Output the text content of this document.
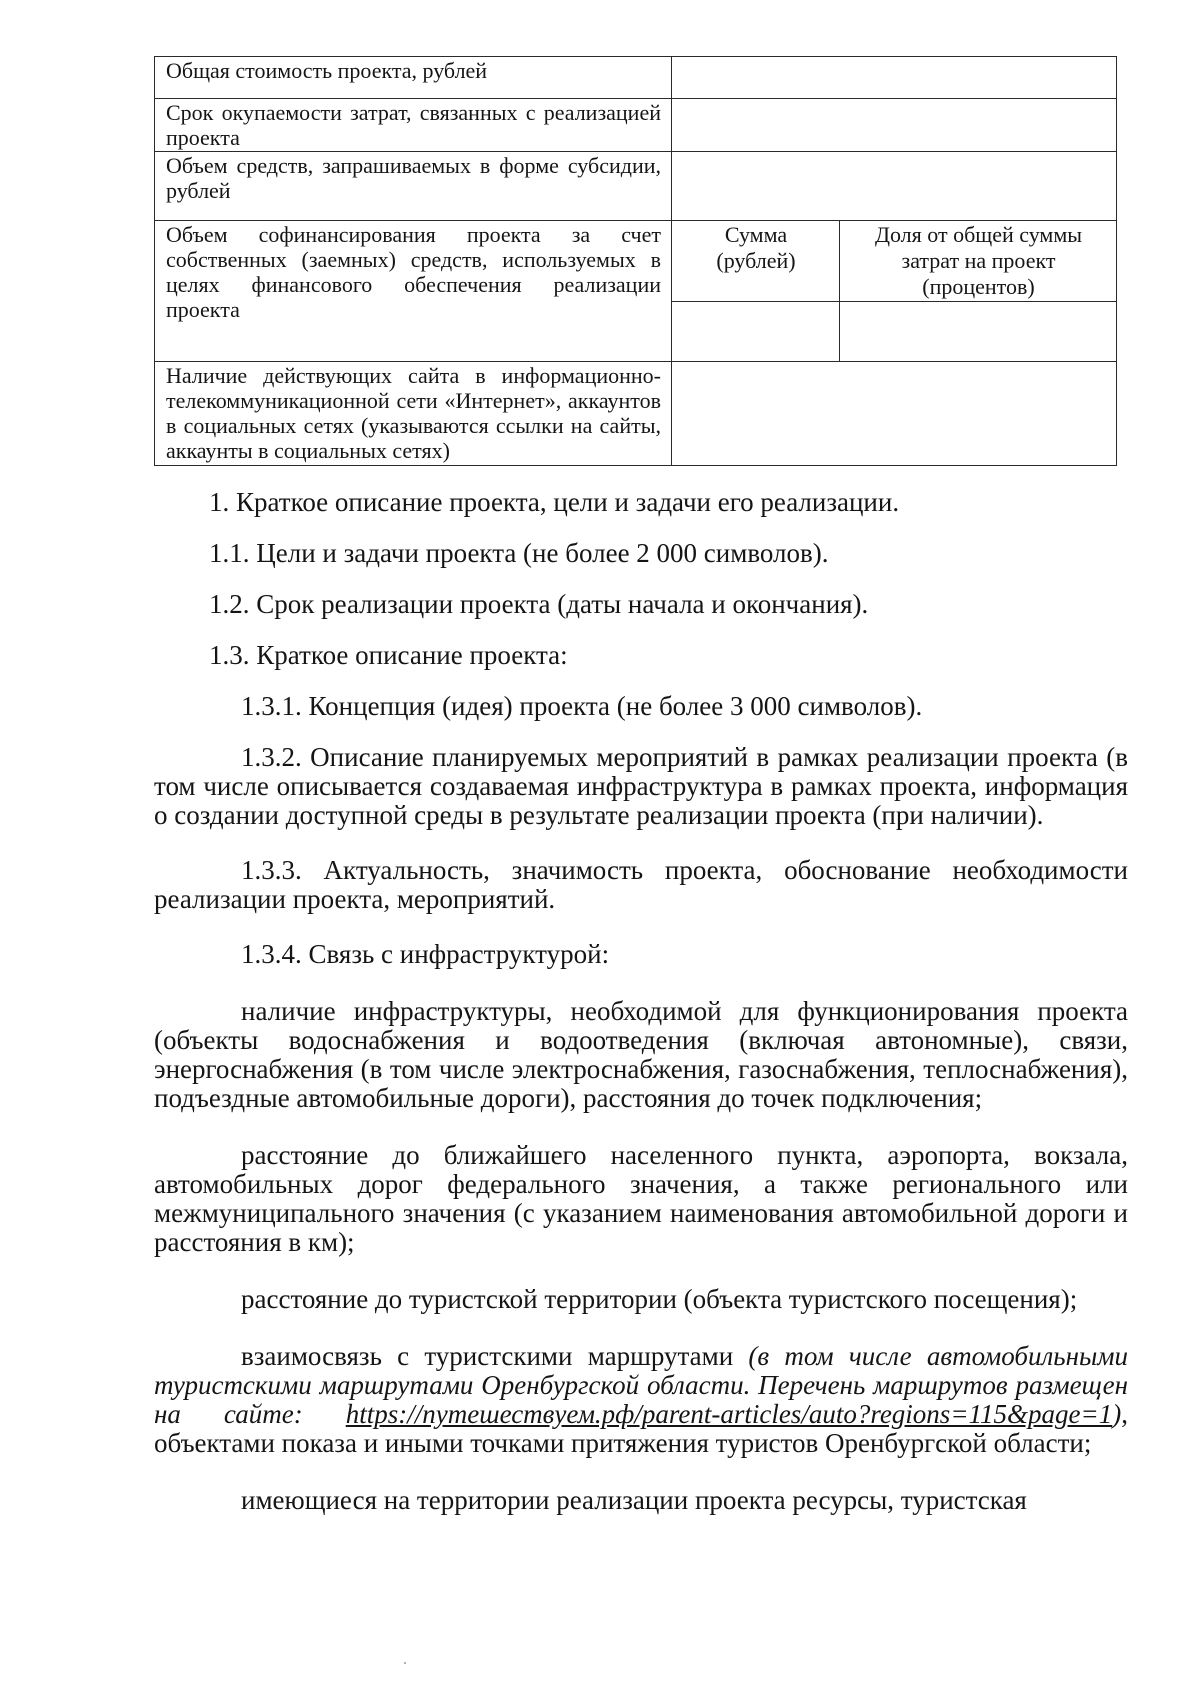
Общая стоимость проекта, рублей		
Срок окупаемости затрат, связанных с реализацией проекта		
Объем средств, запрашиваемых в форме субсидии, рублей		
Объем софинансирования проекта за счет собственных (заемных) средств, используемых в целях финансового обеспечения реализации проекта	Сумма (рублей)	Доля от общей суммы затрат на проект (процентов)

Наличие действующих сайта в информационно-телекоммуникационной сети «Интернет», аккаунтов в социальных сетях (указываются ссылки на сайты, аккаунты в социальных сетях)		

1. Краткое описание проекта, цели и задачи его реализации.

1.1. Цели и задачи проекта (не более 2 000 символов).

1.2. Срок реализации проекта (даты начала и окончания).

1.3. Краткое описание проекта:

1.3.1. Концепция (идея) проекта (не более 3 000 символов).

1.3.2. Описание планируемых мероприятий в рамках реализации проекта (в том числе описывается создаваемая инфраструктура в рамках проекта, информация о создании доступной среды в результате реализации проекта (при наличии).

1.3.3. Актуальность, значимость проекта, обоснование необходимости реализации проекта, мероприятий.

1.3.4. Связь с инфраструктурой:

наличие инфраструктуры, необходимой для функционирования проекта (объекты водоснабжения и водоотведения (включая автономные), связи, энергоснабжения (в том числе электроснабжения, газоснабжения, теплоснабжения), подъездные автомобильные дороги), расстояния до точек подключения;

расстояние до ближайшего населенного пункта, аэропорта, вокзала, автомобильных дорог федерального значения, а также регионального или межмуниципального значения (с указанием наименования автомобильной дороги и расстояния в км);

расстояние до туристской территории (объекта туристского посещения);

взаимосвязь с туристскими маршрутами (в том числе автомобильными туристскими маршрутами Оренбургской области. Перечень маршрутов размещен на сайте: https://путешествуем.рф/parent-articles/auto?regions=115&page=1), объектами показа и иными точками притяжения туристов Оренбургской области;

имеющиеся на территории реализации проекта ресурсы, туристская
